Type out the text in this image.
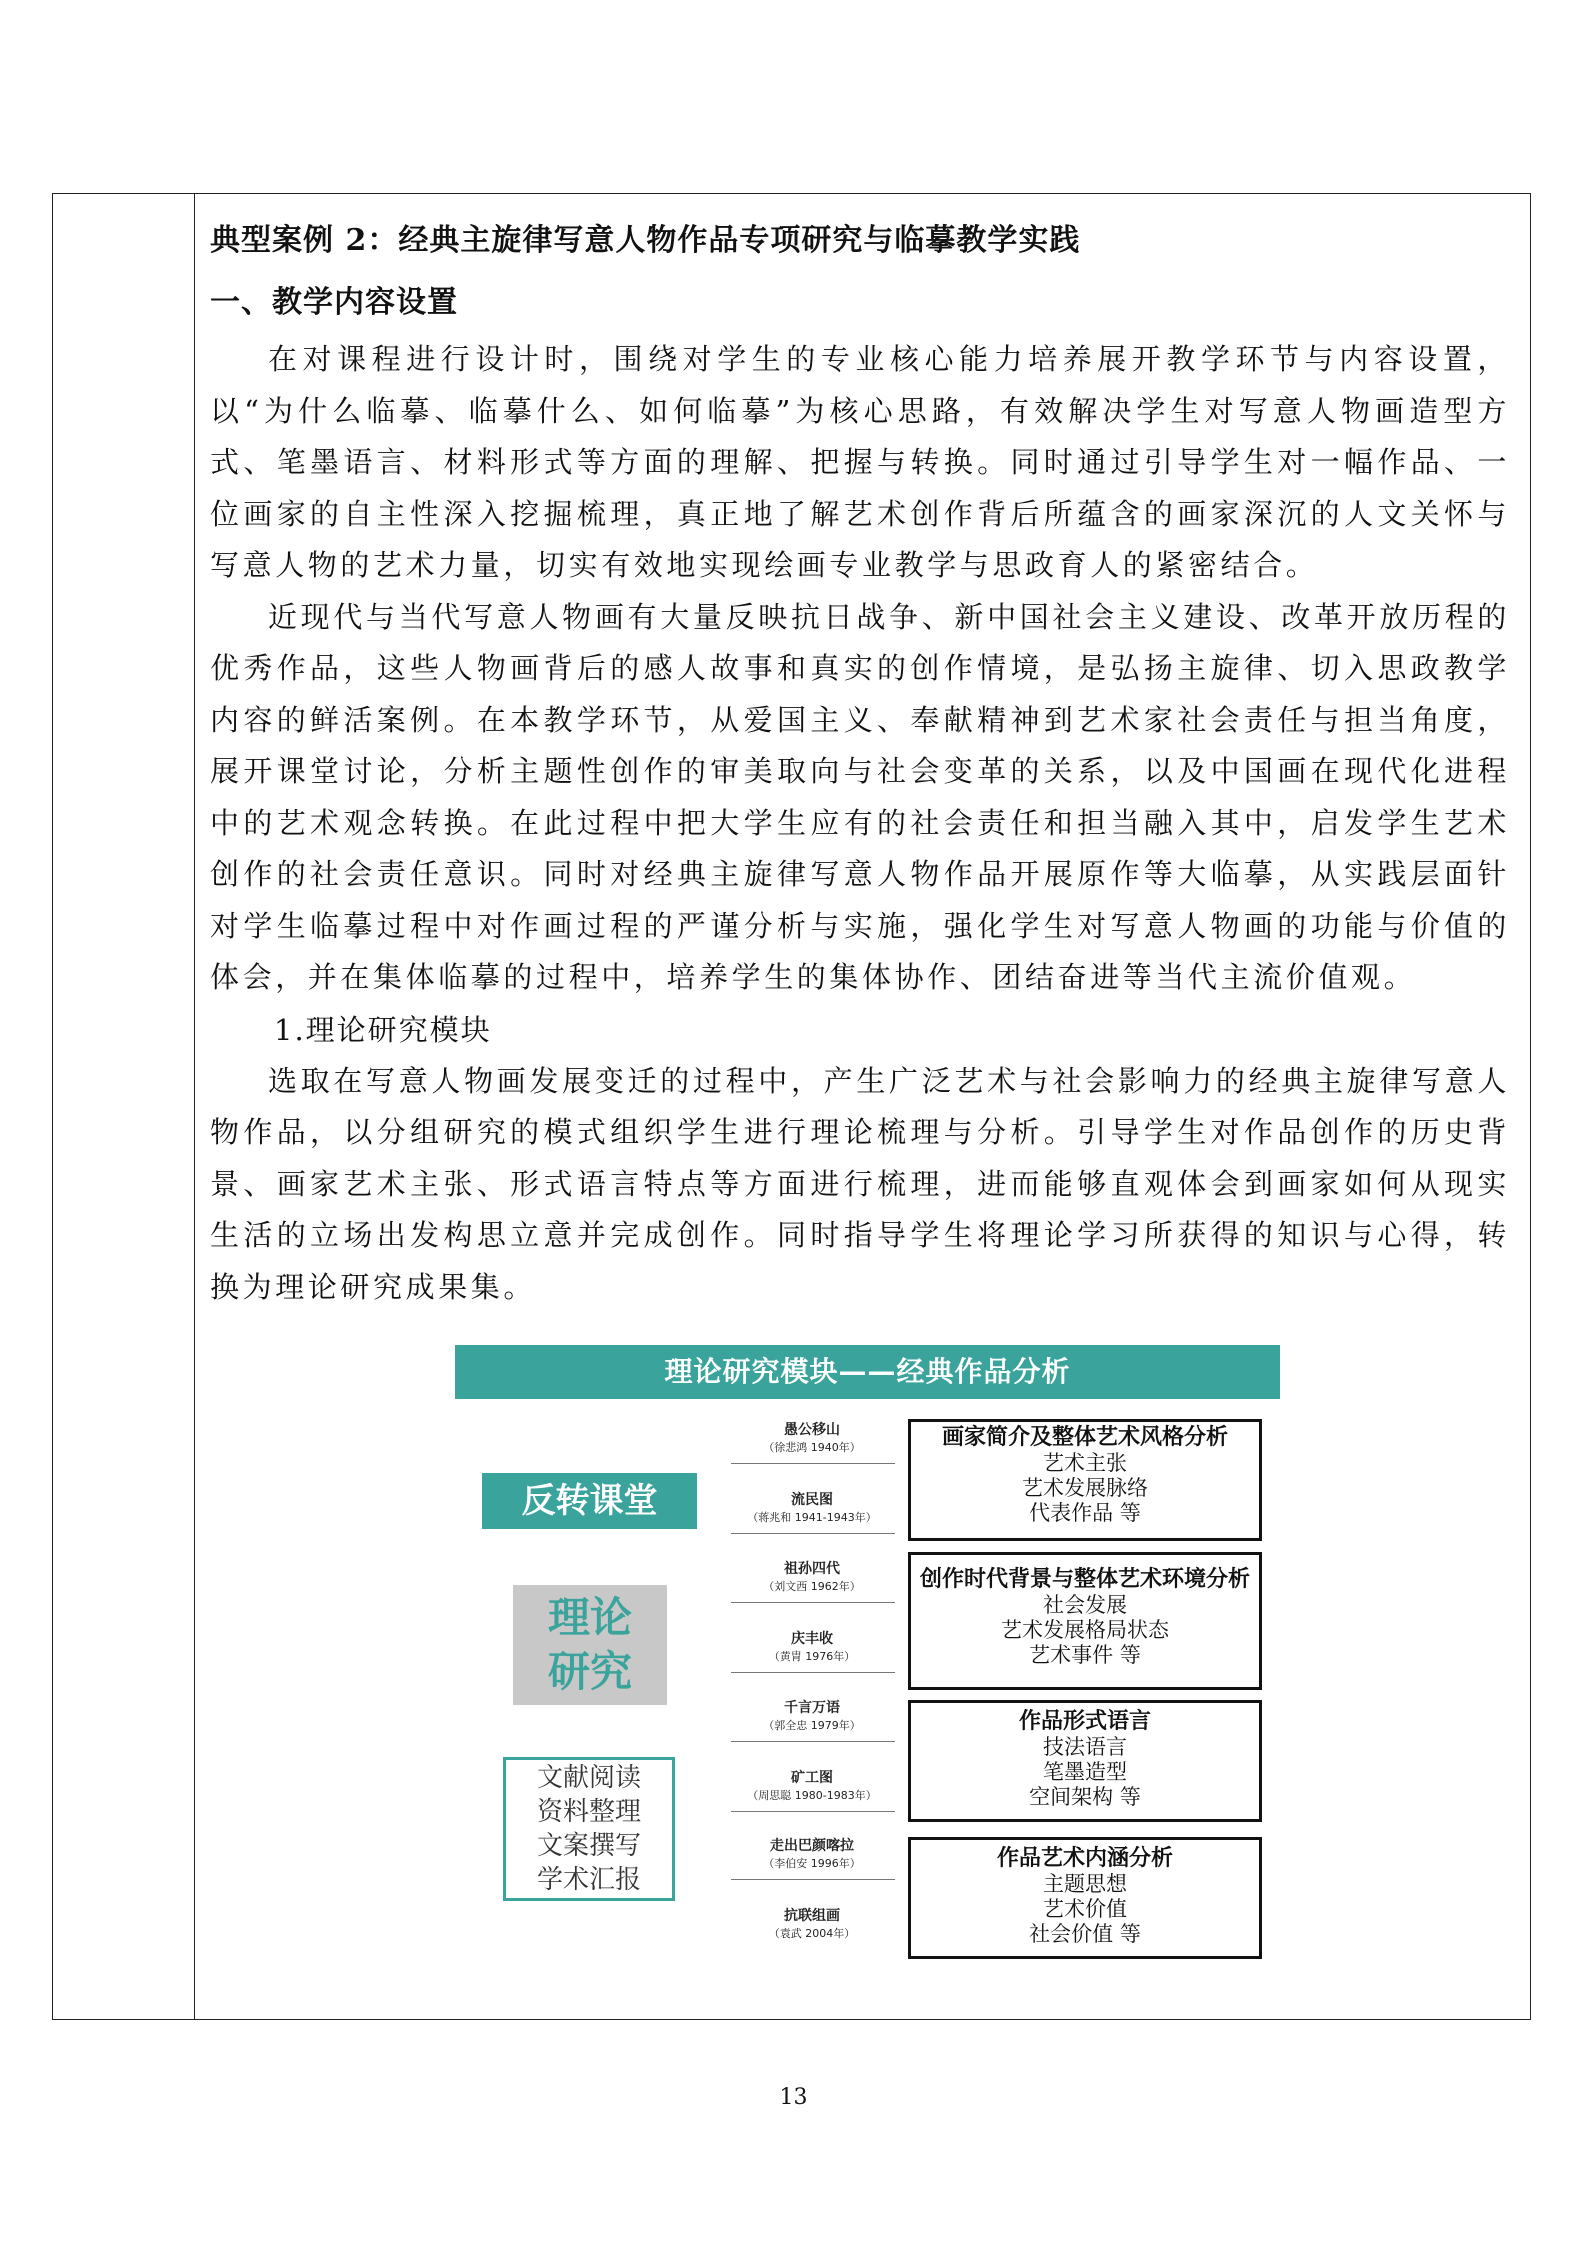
典型案例 2：经典主旋律写意人物作品专项研究与临摹教学实践

一、教学内容设置

在对课程进行设计时，围绕对学生的专业核心能力培养展开教学环节与内容设置，以“为什么临摹、临摹什么、如何临摹”为核心思路，有效解决学生对写意人物画造型方式、笔墨语言、材料形式等方面的理解、把握与转换。同时通过引导学生对一幅作品、一位画家的自主性深入挖掘梳理，真正地了解艺术创作背后所蕴含的画家深沉的人文关怀与写意人物的艺术力量，切实有效地实现绘画专业教学与思政育人的紧密结合。

近现代与当代写意人物画有大量反映抗日战争、新中国社会主义建设、改革开放历程的优秀作品，这些人物画背后的感人故事和真实的创作情境，是弘扬主旋律、切入思政教学内容的鲜活案例。在本教学环节，从爱国主义、奉献精神到艺术家社会责任与担当角度，展开课堂讨论，分析主题性创作的审美取向与社会变革的关系，以及中国画在现代化进程中的艺术观念转换。在此过程中把大学生应有的社会责任和担当融入其中，启发学生艺术创作的社会责任意识。同时对经典主旋律写意人物作品开展原作等大临摹，从实践层面针对学生临摹过程中对作画过程的严谨分析与实施，强化学生对写意人物画的功能与价值的体会，并在集体临摹的过程中，培养学生的集体协作、团结奋进等当代主流价值观。

1.理论研究模块

选取在写意人物画发展变迁的过程中，产生广泛艺术与社会影响力的经典主旋律写意人物作品，以分组研究的模式组织学生进行理论梳理与分析。引导学生对作品创作的历史背景、画家艺术主张、形式语言特点等方面进行梳理，进而能够直观体会到画家如何从现实生活的立场出发构思立意并完成创作。同时指导学生将理论学习所获得的知识与心得，转换为理论研究成果集。

理论研究模块——经典作品分析
反转课堂
理论
研究
文献阅读
资料整理
文案撰写
学术汇报
愚公移山
（徐悲鸿 1940年）
流民图
（蒋兆和 1941-1943年）
祖孙四代
（刘文西 1962年）
庆丰收
（黄胄 1976年）
千言万语
（郭全忠 1979年）
矿工图
（周思聪 1980-1983年）
走出巴颜喀拉
（李伯安 1996年）
抗联组画
（袁武 2004年）
画家简介及整体艺术风格分析
艺术主张
艺术发展脉络
代表作品 等
创作时代背景与整体艺术环境分析
社会发展
艺术发展格局状态
艺术事件 等
作品形式语言
技法语言
笔墨造型
空间架构 等
作品艺术内涵分析
主题思想
艺术价值
社会价值 等
13
